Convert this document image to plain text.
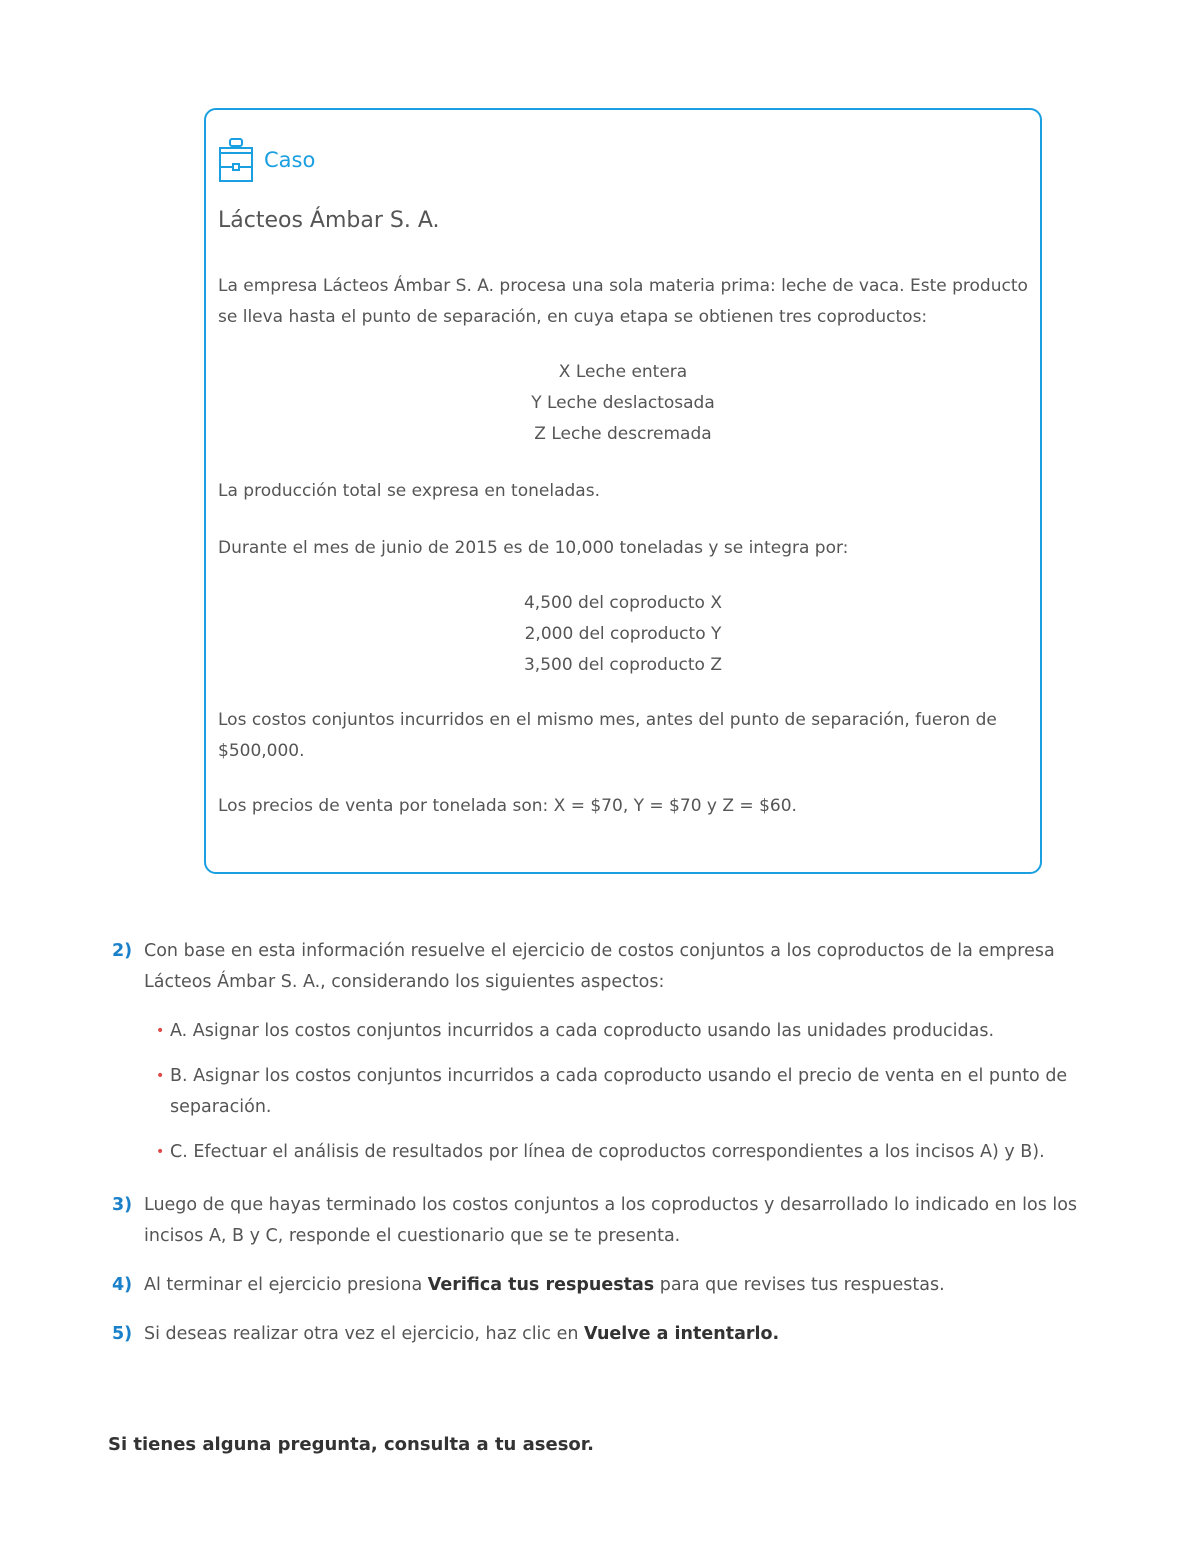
Caso
Lácteos Ámbar S. A.

La empresa Lácteos Ámbar S. A. procesa una sola materia prima: leche de vaca. Este producto se lleva hasta el punto de separación, en cuya etapa se obtienen tres coproductos:

X Leche entera

Y Leche deslactosada

Z Leche descremada

La producción total se expresa en toneladas.

Durante el mes de junio de 2015 es de 10,000 toneladas y se integra por:

4,500 del coproducto X

2,000 del coproducto Y

3,500 del coproducto Z

Los costos conjuntos incurridos en el mismo mes, antes del punto de separación, fueron de $500,000.

Los precios de venta por tonelada son: X = $70, Y = $70 y Z = $60.

2) Con base en esta información resuelve el ejercicio de costos conjuntos a los coproductos de la empresa Lácteos Ámbar S. A., considerando los siguientes aspectos:
• A. Asignar los costos conjuntos incurridos a cada coproducto usando las unidades producidas.
• B. Asignar los costos conjuntos incurridos a cada coproducto usando el precio de venta en el punto de separación.
• C. Efectuar el análisis de resultados por línea de coproductos correspondientes a los incisos A) y B).
3) Luego de que hayas terminado los costos conjuntos a los coproductos y desarrollado lo indicado en los los incisos A, B y C, responde el cuestionario que se te presenta.
4) Al terminar el ejercicio presiona Verifica tus respuestas para que revises tus respuestas.
5) Si deseas realizar otra vez el ejercicio, haz clic en Vuelve a intentarlo.
Si tienes alguna pregunta, consulta a tu asesor.
